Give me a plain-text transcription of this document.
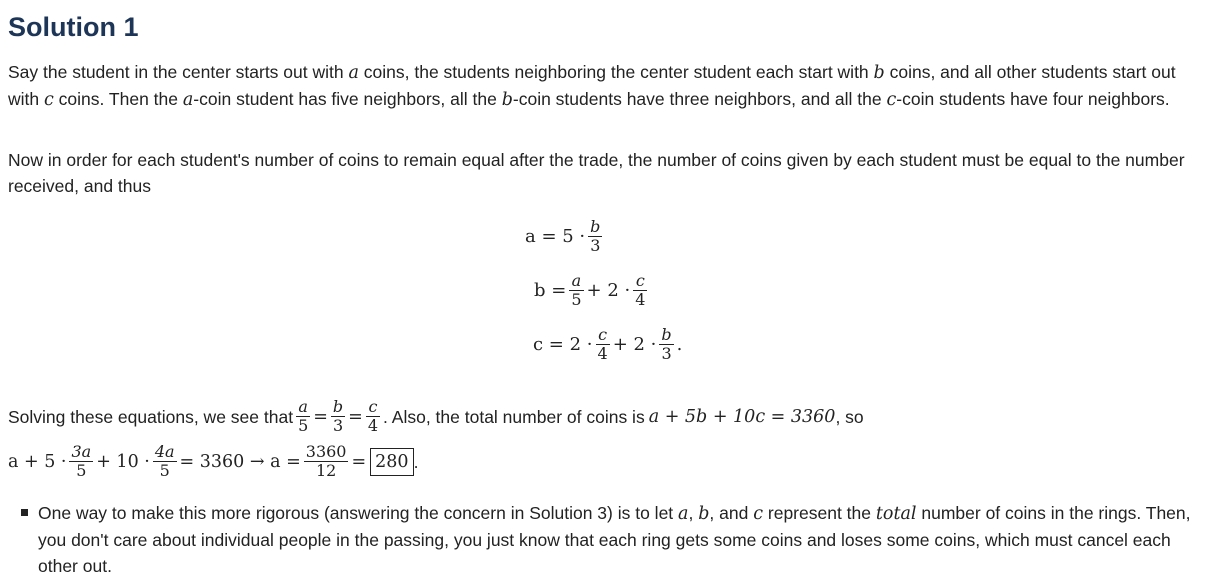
Solution 1

Say the student in the center starts out with a coins, the students neighboring the center student each start with b coins, and all other students start out with c coins. Then the a-coin student has five neighbors, all the b-coin students have three neighbors, and all the c-coin students have four neighbors.

Now in order for each student's number of coins to remain equal after the trade, the number of coins given by each student must be equal to the number received, and thus

$a = 5 \cdot \frac{b}{3}$
$b = \frac{a}{5} + 2 \cdot \frac{c}{4}$
$c = 2 \cdot \frac{c}{4} + 2 \cdot \frac{b}{3}$ .

Solving these equations, we see that $\frac{a}{5} = \frac{b}{3} = \frac{c}{4}$ . Also, the total number of coins is a + 5b + 10c = 3360 , so

$a + 5 \cdot \frac{3a}{5} + 10 \cdot \frac{4a}{5} = 3360 \to a = \frac{3360}{12} = 280$ .

One way to make this more rigorous (answering the concern in Solution 3) is to let a, b, and c represent the total number of coins in the rings. Then, you don't care about individual people in the passing, you just know that each ring gets some coins and loses some coins, which must cancel each other out.
